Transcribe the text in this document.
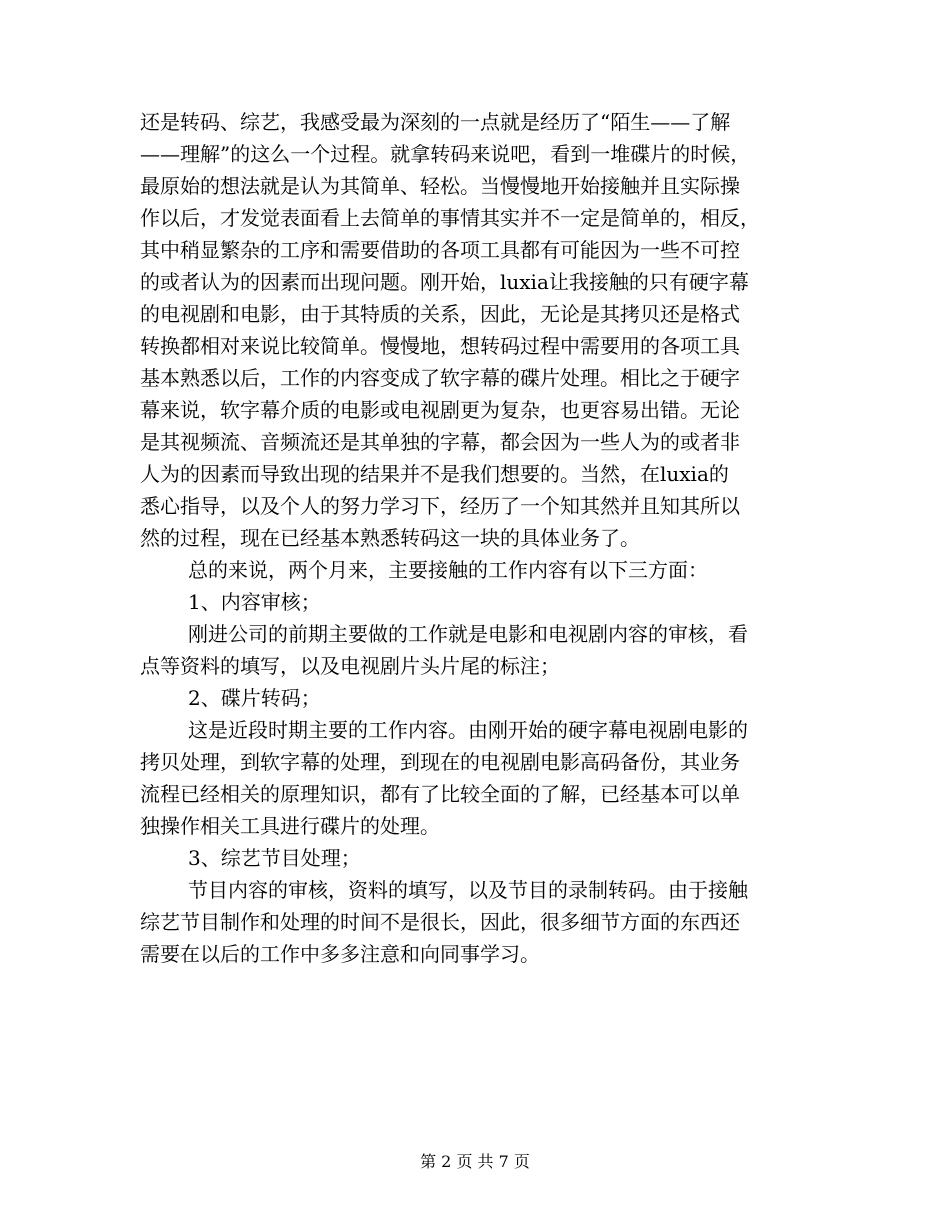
还是转码、综艺，我感受最为深刻的一点就是经历了“陌生——了解
——理解”的这么一个过程。就拿转码来说吧，看到一堆碟片的时候，
最原始的想法就是认为其简单、轻松。当慢慢地开始接触并且实际操
作以后，才发觉表面看上去简单的事情其实并不一定是简单的，相反，
其中稍显繁杂的工序和需要借助的各项工具都有可能因为一些不可控
的或者认为的因素而出现问题。刚开始，luxia让我接触的只有硬字幕
的电视剧和电影，由于其特质的关系，因此，无论是其拷贝还是格式
转换都相对来说比较简单。慢慢地，想转码过程中需要用的各项工具
基本熟悉以后，工作的内容变成了软字幕的碟片处理。相比之于硬字
幕来说，软字幕介质的电影或电视剧更为复杂，也更容易出错。无论
是其视频流、音频流还是其单独的字幕，都会因为一些人为的或者非
人为的因素而导致出现的结果并不是我们想要的。当然，在luxia的
悉心指导，以及个人的努力学习下，经历了一个知其然并且知其所以
然的过程，现在已经基本熟悉转码这一块的具体业务了。
总的来说，两个月来，主要接触的工作内容有以下三方面：
1、内容审核；
刚进公司的前期主要做的工作就是电影和电视剧内容的审核，看
点等资料的填写，以及电视剧片头片尾的标注；
2、碟片转码；
这是近段时期主要的工作内容。由刚开始的硬字幕电视剧电影的
拷贝处理，到软字幕的处理，到现在的电视剧电影高码备份，其业务
流程已经相关的原理知识，都有了比较全面的了解，已经基本可以单
独操作相关工具进行碟片的处理。
3、综艺节目处理；
节目内容的审核，资料的填写，以及节目的录制转码。由于接触
综艺节目制作和处理的时间不是很长，因此，很多细节方面的东西还
需要在以后的工作中多多注意和向同事学习。
第 2 页 共 7 页
